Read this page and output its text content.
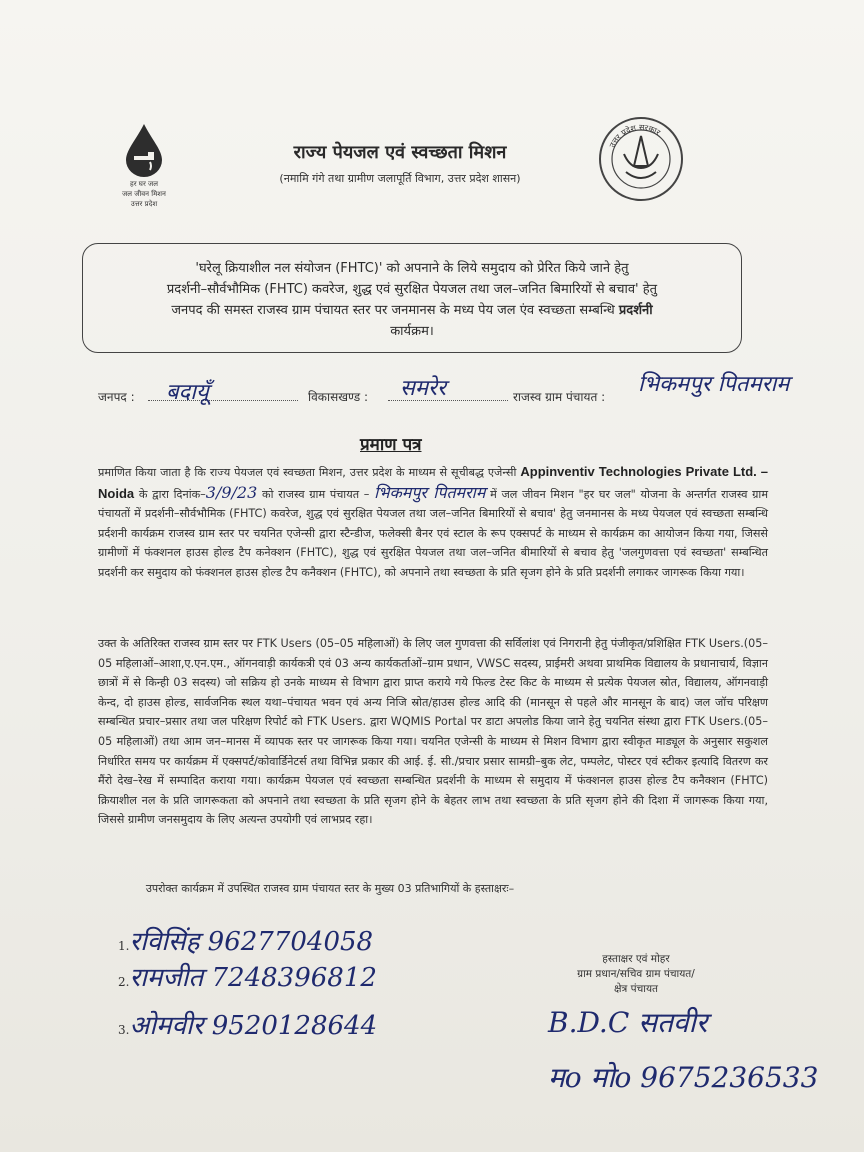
हर घर जल
जल जीवन मिशन
उत्तर प्रदेश
उत्तर प्रदेश सरकार
राज्य पेयजल एवं स्वच्छता मिशन
(नमामि गंगे तथा ग्रामीण जलापूर्ति विभाग, उत्तर प्रदेश शासन)
'घरेलू क्रियाशील नल संयोजन (FHTC)' को अपनाने के लिये समुदाय को प्रेरित किये जाने हेतु
प्रदर्शनी–सौर्वभौमिक (FHTC) कवरेज, शुद्ध एवं सुरक्षित पेयजल तथा जल–जनित बिमारियों से बचाव' हेतु
जनपद की समस्त राजस्व ग्राम पंचायत स्तर पर जनमानस के मध्य पेय जल एंव स्वच्छता सम्बन्धि प्रदर्शनी
कार्यक्रम।
जनपद : बदायूँ	विकासखण्ड : समरेर	राजस्व ग्राम पंचायत : भिकमपुर पितमराम
प्रमाण पत्र
प्रमाणित किया जाता है कि राज्य पेयजल एवं स्वच्छता मिशन, उत्तर प्रदेश के माध्यम से सूचीबद्ध एजेन्सी Appinventiv Technologies Private Ltd. – Noida के द्वारा दिनांक–3/9/23 को राजस्व ग्राम पंचायत – भिकमपुर पितमराम में जल जीवन मिशन "हर घर जल" योजना के अन्तर्गत राजस्व ग्राम पंचायतों में प्रदर्शनी–सौर्वभौमिक (FHTC) कवरेज, शुद्ध एवं सुरक्षित पेयजल तथा जल–जनित बिमारियों से बचाव' हेतु जनमानस के मध्य पेयजल एवं स्वच्छता सम्बन्धि प्रर्दशनी कार्यक्रम राजस्व ग्राम स्तर पर चयनित एजेन्सी द्वारा स्टैन्डीज, फलेक्सी बैनर एवं स्टाल के रूप एक्सपर्ट के माध्यम से कार्यक्रम का आयोजन किया गया, जिससे ग्रामीणों में फंक्शनल हाउस होल्ड टैप कनेक्शन (FHTC), शुद्ध एवं सुरक्षित पेयजल तथा जल–जनित बीमारियों से बचाव हेतु 'जलगुणवत्ता एवं स्वच्छता' सम्बन्धित प्रदर्शनी कर समुदाय को फंक्शनल हाउस होल्ड टैप कनैक्शन (FHTC), को अपनाने तथा स्वच्छता के प्रति सृजग होने के प्रति प्रदर्शनी लगाकर जागरूक किया गया।
उक्त के अतिरिक्त राजस्व ग्राम स्तर पर FTK Users (05–05 महिलाओं) के लिए जल गुणवत्ता की सर्विलांश एवं निगरानी हेतु पंजीकृत/प्रशिक्षित FTK Users.(05–05 महिलाओं–आशा,ए.एन.एम., ऑगनवाड़ी कार्यकत्री एवं 03 अन्य कार्यकर्ताओं–ग्राम प्रधान, VWSC सदस्य, प्राईमरी अथवा प्राथमिक विद्यालय के प्रधानाचार्य, विज्ञान छात्रों में से किन्ही 03 सदस्य) जो सक्रिय हो उनके माध्यम से विभाग द्वारा प्राप्त कराये गये फिल्ड टेस्ट किट के माध्यम से प्रत्येक पेयजल स्रोत, विद्यालय, ऑगनवाड़ी केन्द, दो हाउस होल्ड, सार्वजनिक स्थल यथा–पंचायत भवन एवं अन्य निजि स्रोत/हाउस होल्ड आदि की (मानसून से पहले और मानसून के बाद) जल जॉच परिक्षण सम्बन्धित प्रचार–प्रसार तथा जल परिक्षण रिपोर्ट को FTK Users. द्वारा WQMIS Portal पर डाटा अपलोड किया जाने हेतु चयनित संस्था द्वारा FTK Users.(05–05 महिलाओं) तथा आम जन–मानस में व्यापक स्तर पर जागरूक किया गया। चयनित एजेन्सी के माध्यम से मिशन विभाग द्वारा स्वीकृत माड्यूल के अनुसार सकुशल निर्धारित समय पर कार्यक्रम में एक्सपर्ट/कोवार्डिनेटर्स तथा विभिन्न प्रकार की आई. ई. सी./प्रचार प्रसार सामग्री–बुक लेट, पम्पलेट, पोस्टर एवं स्टीकर इत्यादि वितरण कर मैंरो देख–रेख में सम्पादित कराया गया। कार्यक्रम पेयजल एवं स्वच्छता सम्बन्धित प्रदर्शनी के माध्यम से समुदाय में फंक्शनल हाउस होल्ड टैप कनैक्शन (FHTC) क्रियाशील नल के प्रति जागरूकता को अपनाने तथा स्वच्छता के प्रति सृजग होने के बेहतर लाभ तथा स्वच्छता के प्रति सृजग होने की दिशा में जागरूक किया गया, जिससे ग्रामीण जनसमुदाय के लिए अत्यन्त उपयोगी एवं लाभप्रद रहा।
उपरोक्त कार्यक्रम में उपस्थित राजस्व ग्राम पंचायत स्तर के मुख्य 03 प्रतिभागियों के हस्ताक्षरः–
1.रविसिंह 9627704058
2.रामजीत 7248396812
3.ओमवीर 9520128644
हस्ताक्षर एवं मोहर
ग्राम प्रधान/सचिव ग्राम पंचायत/
क्षेत्र पंचायत
B.D.C सतवीर
मo मोo 9675236533
